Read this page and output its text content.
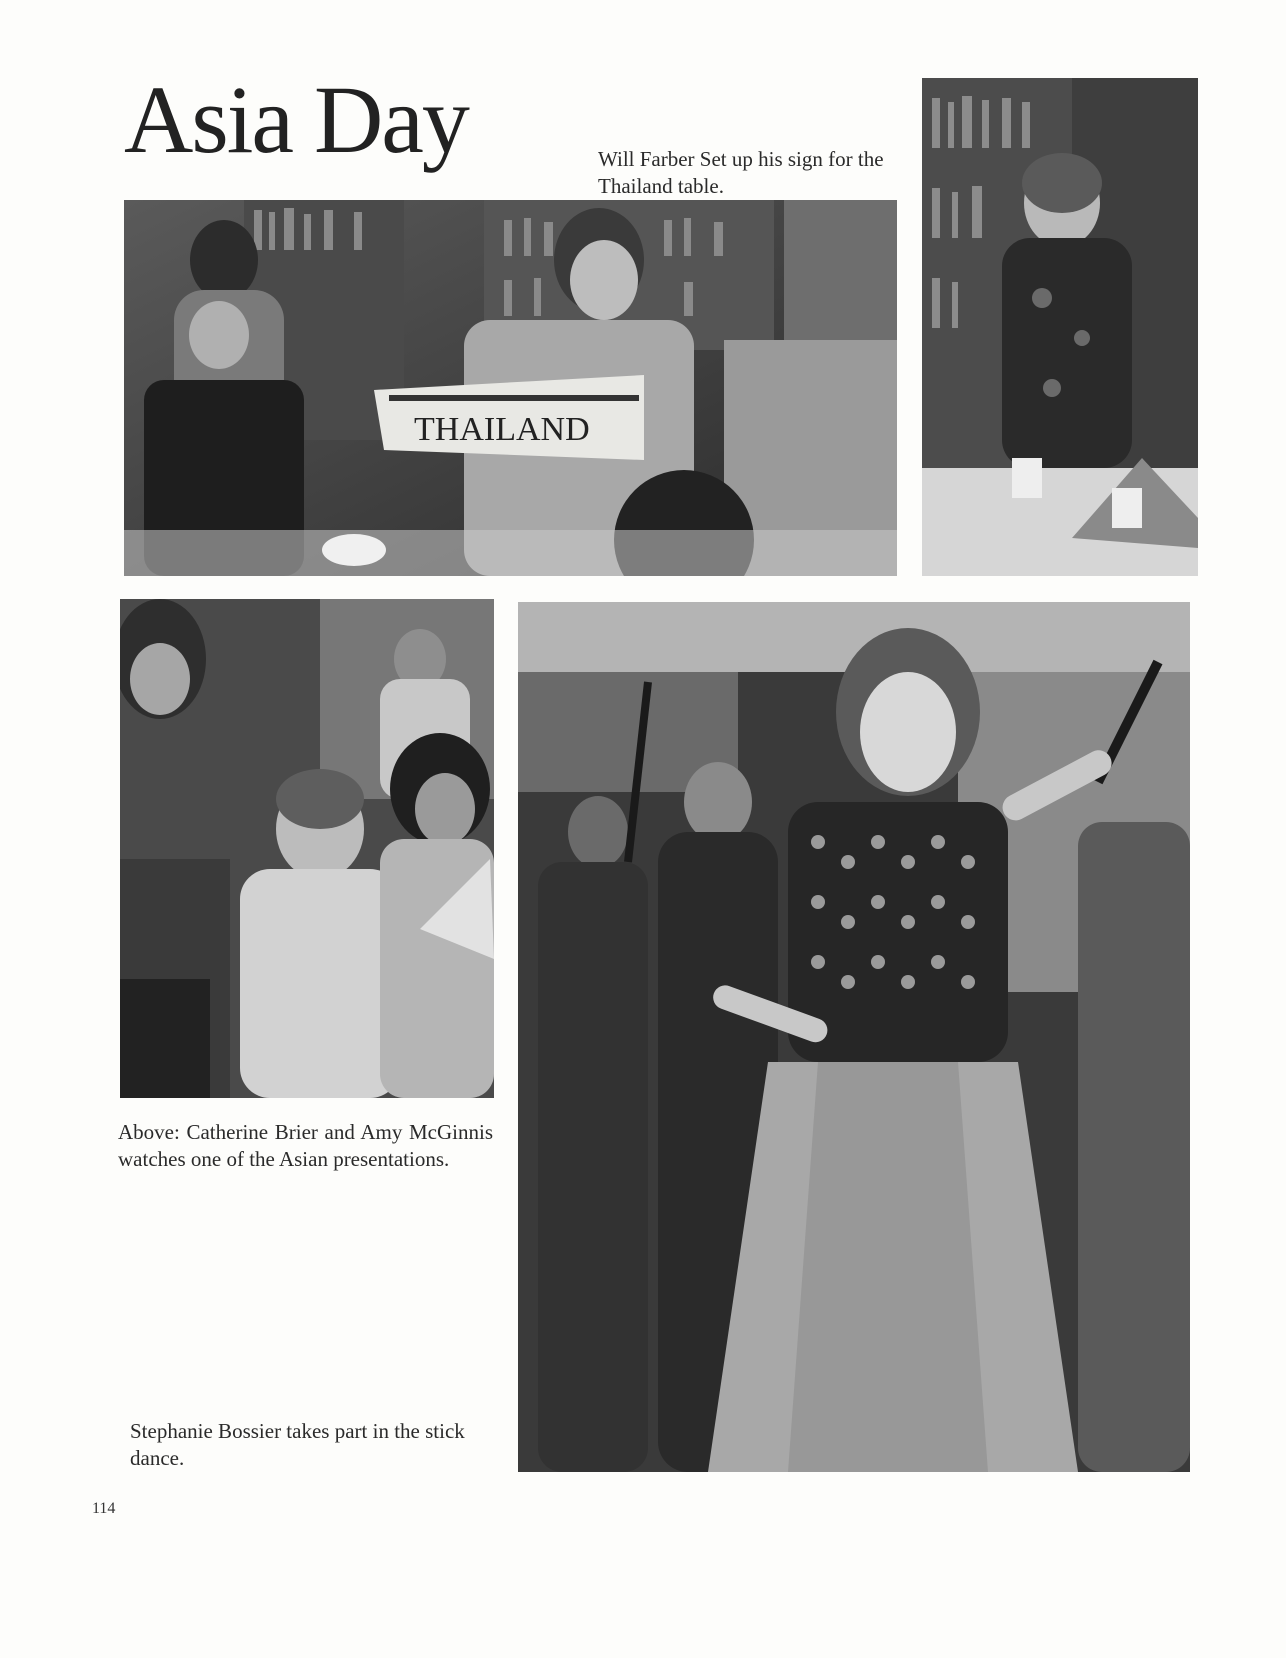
Asia Day	Will Farber Set up his sign for the Thailand table.
THAILAND
Above: Catherine Brier and Amy McGinnis watches one of the Asian presentations.
Stephanie Bossier takes part in the stick dance.
114
